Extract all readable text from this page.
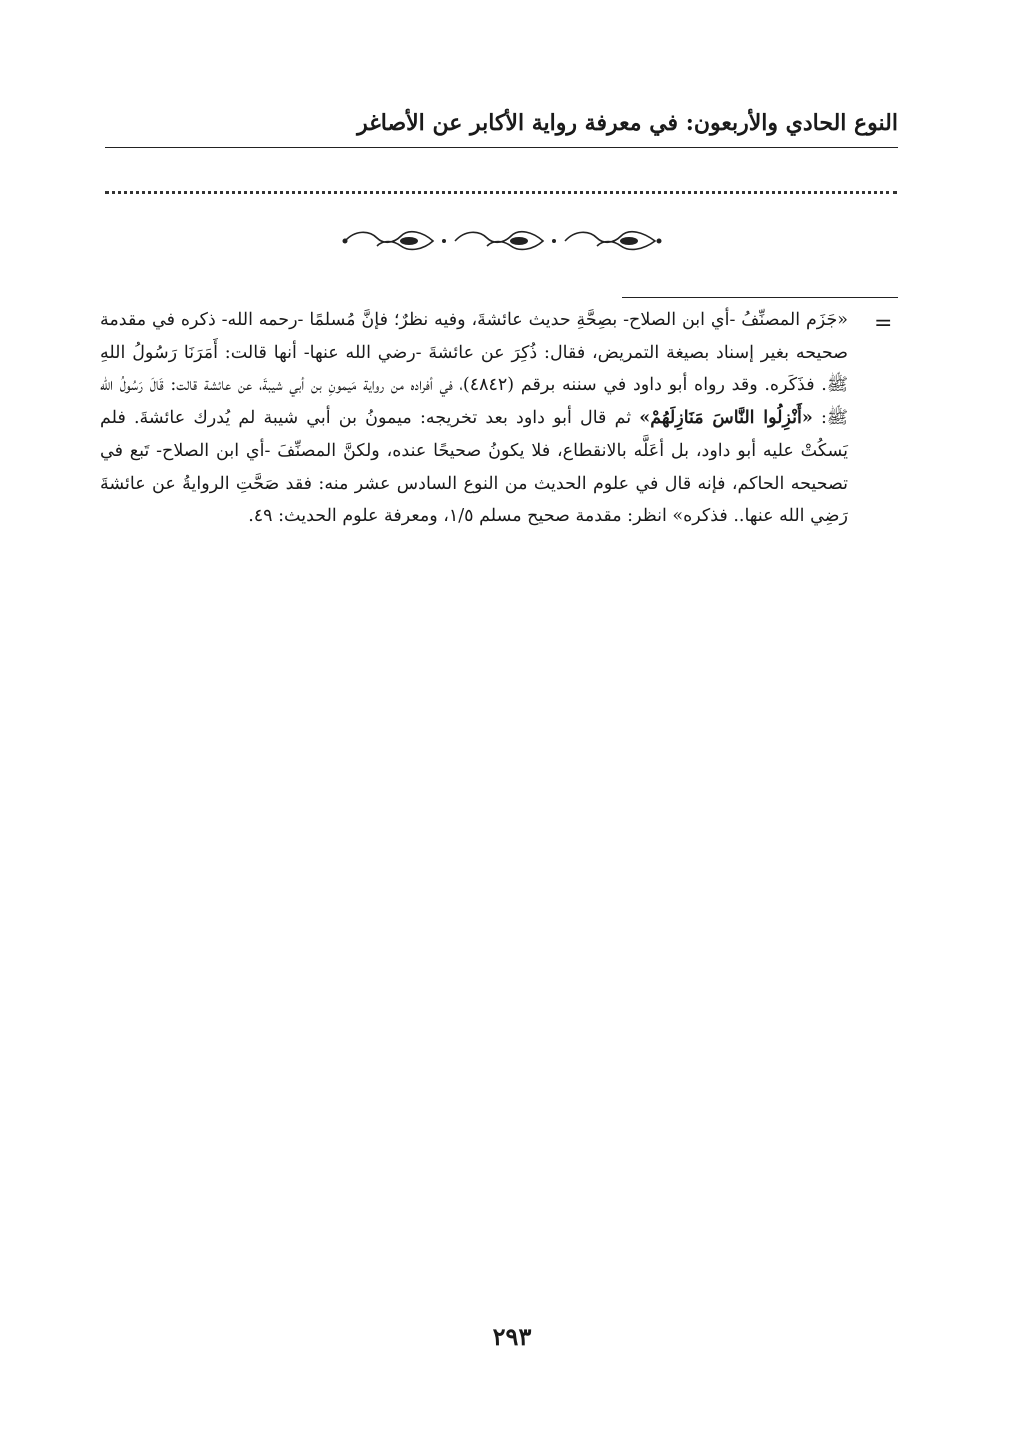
النوع الحادي والأربعون: في معرفة رواية الأكابر عن الأصاغر
=
«جَزَم المصنِّفُ -أي ابن الصلاح- بصِحَّةِ حديث عائشةَ، وفيه نظرٌ؛ فإنَّ مُسلمًا -رحمه الله- ذكره في مقدمة صحيحه بغير إسناد بصيغة التمريض، فقال: ذُكِرَ عن عائشةَ -رضي الله عنها- أنها قالت: أَمَرَنَا رَسُولُ اللهِ ﷺ. فذَكَره. وقد رواه أبو داود في سننه برقم (٤٨٤٢)، في أفراده من رواية مَيمونِ بن أبي شيبةَ، عن عائشة قالت: قَالَ رَسُولُ الله ﷺ: «أَنْزِلُوا النَّاسَ مَنَازِلَهُمْ» ثم قال أبو داود بعد تخريجه: ميمونُ بن أبي شيبة لم يُدرك عائشةَ. فلم يَسكُتْ عليه أبو داود، بل أعَلَّه بالانقطاع، فلا يكونُ صحيحًا عنده، ولكنَّ المصنِّفَ -أي ابن الصلاح- تَبع في تصحيحه الحاكم، فإنه قال في علوم الحديث من النوع السادس عشر منه: فقد صَحَّتِ الروايةُ عن عائشةَ رَضِي الله عنها.. فذكره» انظر: مقدمة صحيح مسلم ١/٥، ومعرفة علوم الحديث: ٤٩.
٢٩٣
